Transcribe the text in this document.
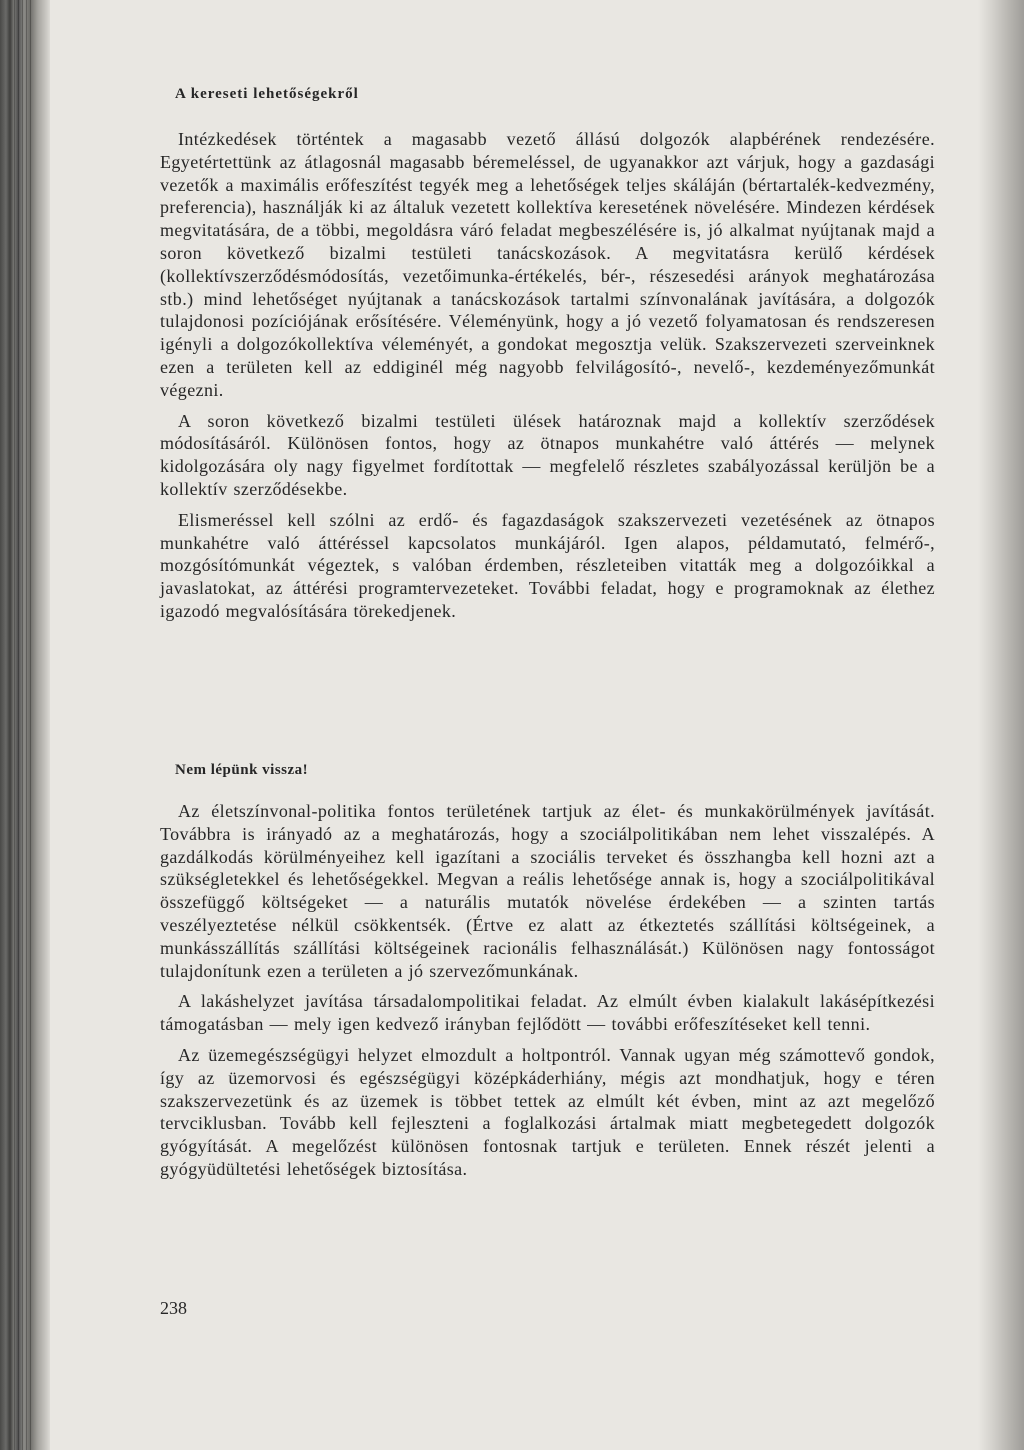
A kereseti lehetőségekről

Intézkedések történtek a magasabb vezető állású dolgozók alapbérének rendezésére. Egyetértettünk az átlagosnál magasabb béremeléssel, de ugyanakkor azt várjuk, hogy a gazdasági vezetők a maximális erőfeszítést tegyék meg a lehetőségek teljes skáláján (bértartalék-kedvezmény, preferencia), használják ki az általuk vezetett kollektíva keresetének növelésére. Mindezen kérdések megvitatására, de a többi, megoldásra váró feladat megbeszélésére is, jó alkalmat nyújtanak majd a soron következő bizalmi testületi tanácskozások. A megvitatásra kerülő kérdések (kollektívszerződésmódosítás, vezetőimunka-értékelés, bér-, részesedési arányok meghatározása stb.) mind lehetőséget nyújtanak a tanácskozások tartalmi színvonalának javítására, a dolgozók tulajdonosi pozíciójának erősítésére. Véleményünk, hogy a jó vezető folyamatosan és rendszeresen igényli a dolgozókollektíva véleményét, a gondokat megosztja velük. Szakszervezeti szerveinknek ezen a területen kell az eddiginél még nagyobb felvilágosító-, nevelő-, kezdeményezőmunkát végezni.

A soron következő bizalmi testületi ülések határoznak majd a kollektív szerződések módosításáról. Különösen fontos, hogy az ötnapos munkahétre való áttérés — melynek kidolgozására oly nagy figyelmet fordítottak — megfelelő részletes szabályozással kerüljön be a kollektív szerződésekbe.

Elismeréssel kell szólni az erdő- és fagazdaságok szakszervezeti vezetésének az ötnapos munkahétre való áttéréssel kapcsolatos munkájáról. Igen alapos, példamutató, felmérő-, mozgósítómunkát végeztek, s valóban érdemben, részleteiben vitatták meg a dolgozóikkal a javaslatokat, az áttérési programtervezeteket. További feladat, hogy e programoknak az élethez igazodó megvalósítására törekedjenek.

Nem lépünk vissza!

Az életszínvonal-politika fontos területének tartjuk az élet- és munkakörülmények javítását. Továbbra is irányadó az a meghatározás, hogy a szociálpolitikában nem lehet visszalépés. A gazdálkodás körülményeihez kell igazítani a szociális terveket és összhangba kell hozni azt a szükségletekkel és lehetőségekkel. Megvan a reális lehetősége annak is, hogy a szociálpolitikával összefüggő költségeket — a naturális mutatók növelése érdekében — a szinten tartás veszélyeztetése nélkül csökkentsék. (Értve ez alatt az étkeztetés szállítási költségeinek, a munkásszállítás szállítási költségeinek racionális felhasználását.) Különösen nagy fontosságot tulajdonítunk ezen a területen a jó szervezőmunkának.

A lakáshelyzet javítása társadalompolitikai feladat. Az elmúlt évben kialakult lakásépítkezési támogatásban — mely igen kedvező irányban fejlődött — további erőfeszítéseket kell tenni.

Az üzemegészségügyi helyzet elmozdult a holtpontról. Vannak ugyan még számottevő gondok, így az üzemorvosi és egészségügyi középkáderhiány, mégis azt mondhatjuk, hogy e téren szakszervezetünk és az üzemek is többet tettek az elmúlt két évben, mint az azt megelőző tervciklusban. Tovább kell fejleszteni a foglalkozási ártalmak miatt megbetegedett dolgozók gyógyítását. A megelőzést különösen fontosnak tartjuk e területen. Ennek részét jelenti a gyógyüdültetési lehetőségek biztosítása.

238
